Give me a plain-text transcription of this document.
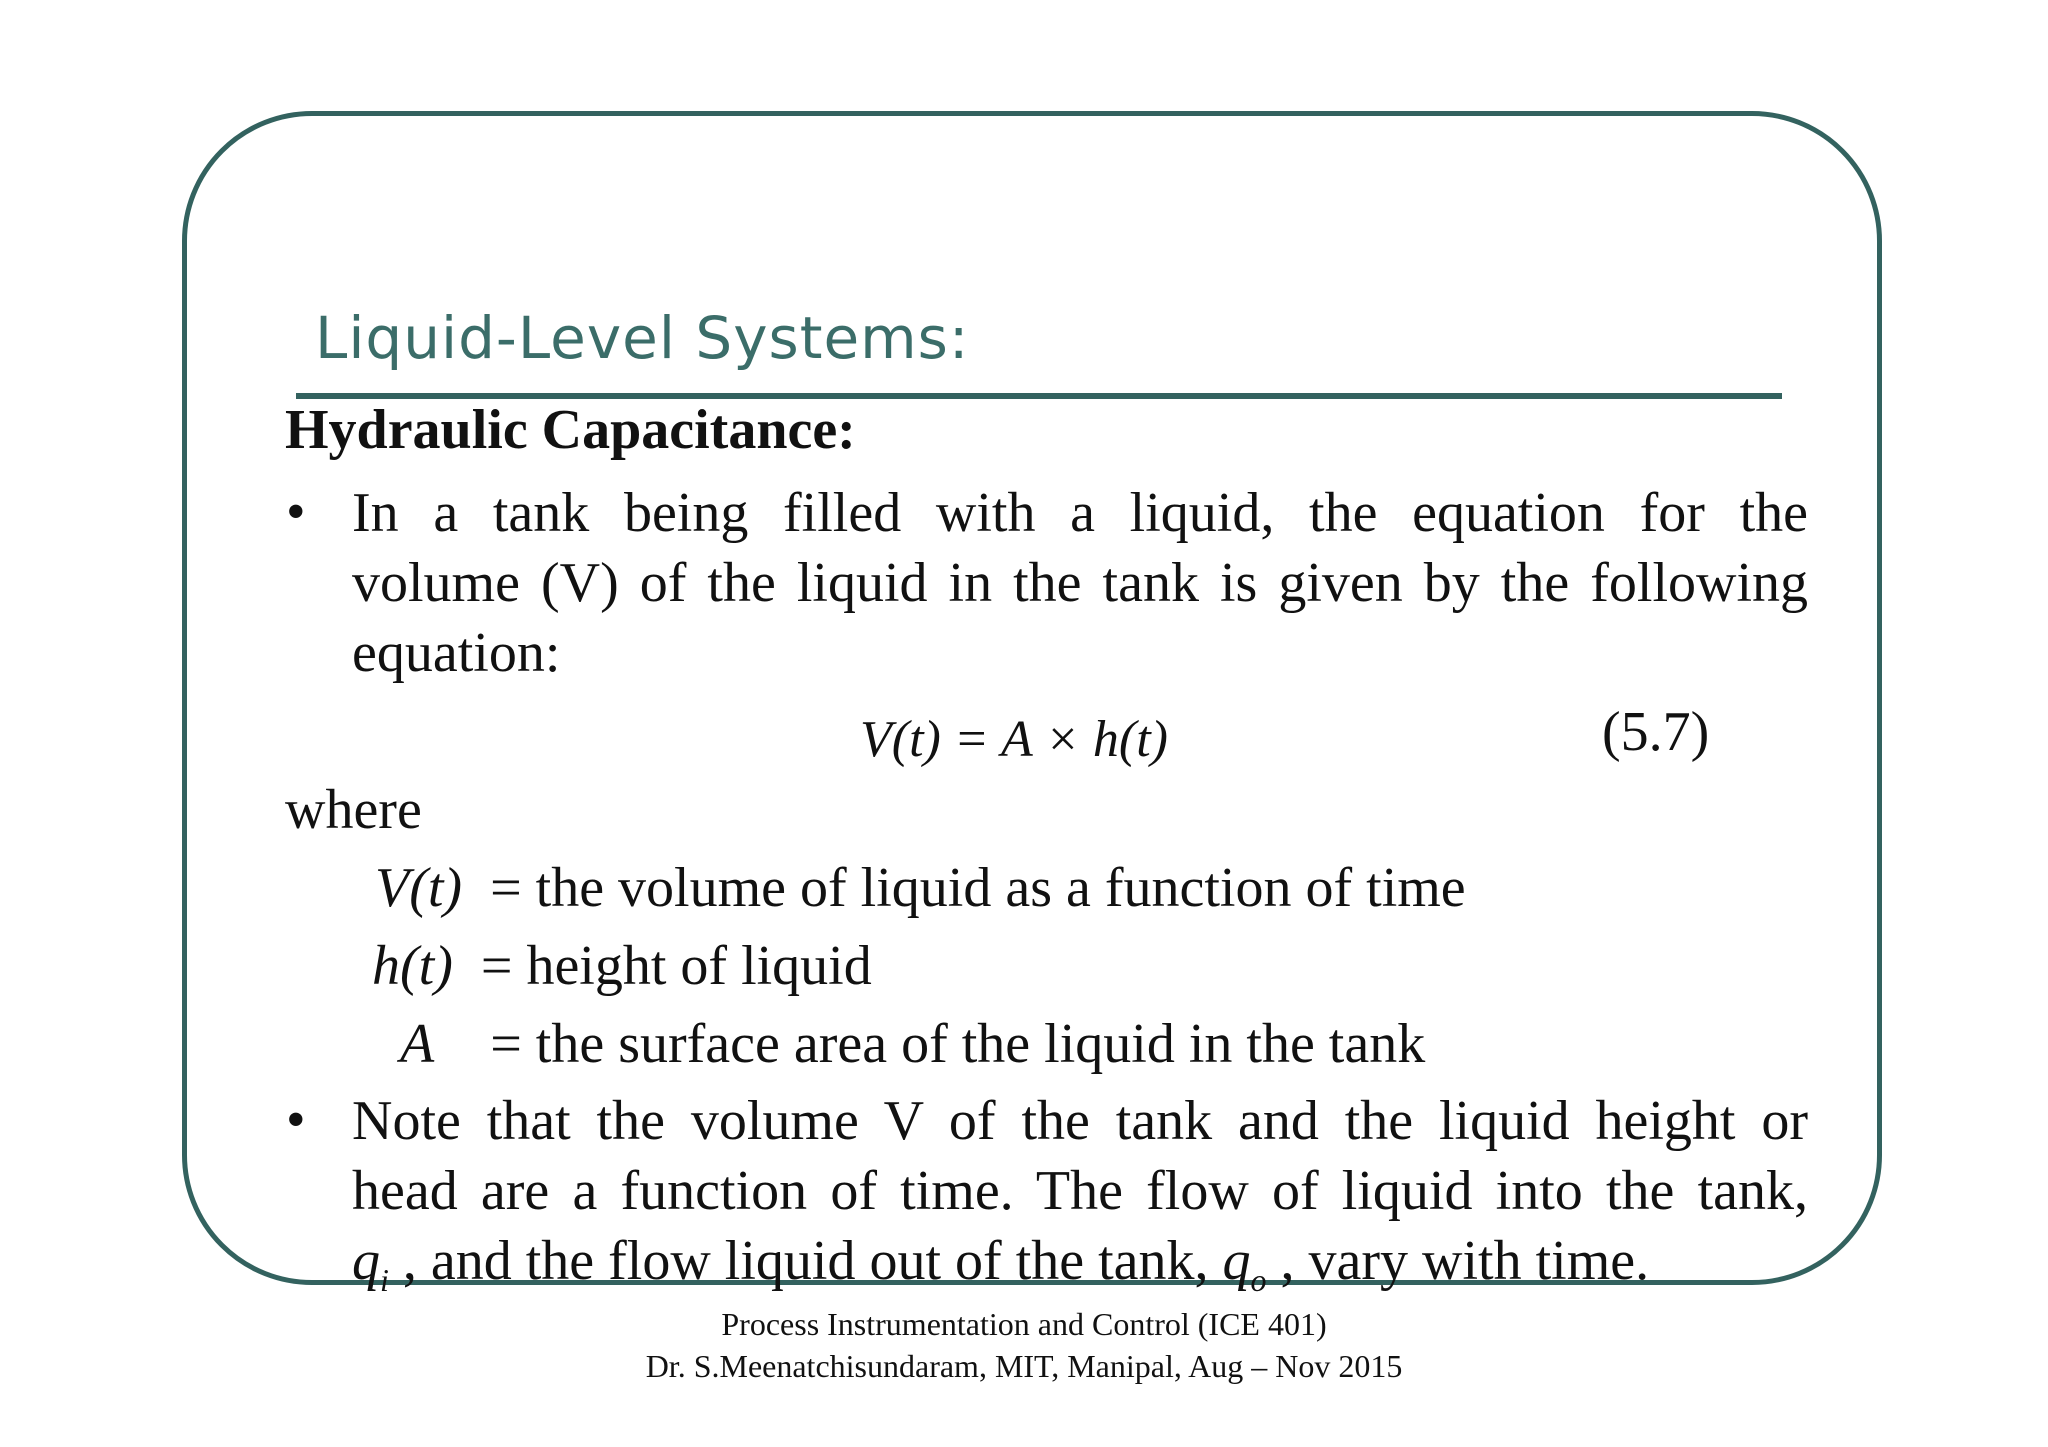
Liquid-Level Systems:
Hydraulic Capacitance:
• In a tank being filled with a liquid, the equation for the
volume (V) of the liquid in the tank is given by the following
equation:
V(t) = A × h(t)	(5.7)
where
V(t) = the volume of liquid as a function of time
h(t) = height of liquid
A = the surface area of the liquid in the tank
• Note that the volume V of the tank and the liquid height or
head are a function of time. The flow of liquid into the tank,
$q_i$ , and the flow liquid out of the tank, $q_o$ , vary with time.
Process Instrumentation and Control (ICE 401)
Dr. S.Meenatchisundaram, MIT, Manipal, Aug – Nov 2015
